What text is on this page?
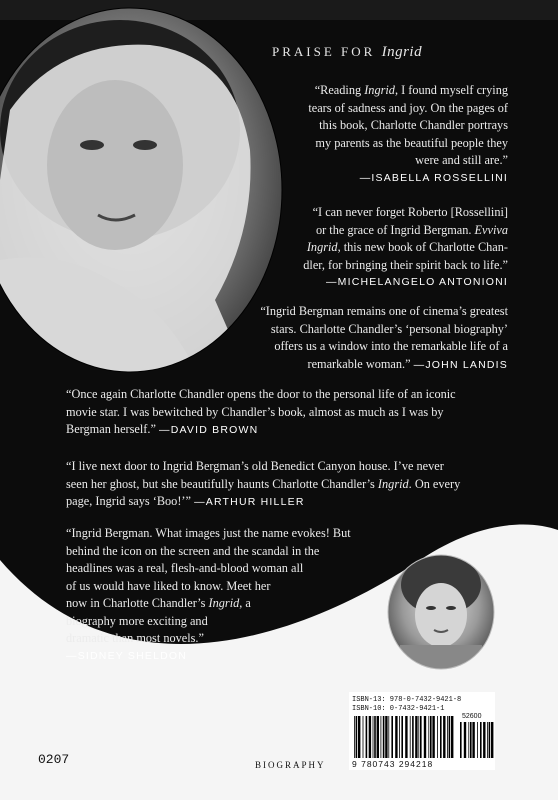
PRAISE FOR Ingrid
“Reading Ingrid, I found myself crying
tears of sadness and joy. On the pages of
this book, Charlotte Chandler portrays
my parents as the beautiful people they
were and still are.”
—ISABELLA ROSSELLINI
“I can never forget Roberto [Rossellini]
or the grace of Ingrid Bergman. Evviva
Ingrid, this new book of Charlotte Chan-
dler, for bringing their spirit back to life.”
—MICHELANGELO ANTONIONI
“Ingrid Bergman remains one of cinema’s greatest
stars. Charlotte Chandler’s ‘personal biography’
offers us a window into the remarkable life of a
remarkable woman.” —JOHN LANDIS
“Once again Charlotte Chandler opens the door to the personal life of an iconic
movie star. I was bewitched by Chandler’s book, almost as much as I was by
Bergman herself.” —DAVID BROWN
“I live next door to Ingrid Bergman’s old Benedict Canyon house. I’ve never
seen her ghost, but she beautifully haunts Charlotte Chandler’s Ingrid. On every
page, Ingrid says ‘Boo!’” —ARTHUR HILLER
“Ingrid Bergman. What images just the name evokes! But
behind the icon on the screen and the scandal in the
headlines was a real, flesh-and-blood woman all
of us would have liked to know. Meet her
now in Charlotte Chandler’s Ingrid, a
biography more exciting and
dramatic than most novels.”
—SIDNEY SHELDON
ISBN-13: 978-0-7432-9421-8
ISBN-10: 0-7432-9421-1
52600
9 780743 294218
0207	BIOGRAPHY
